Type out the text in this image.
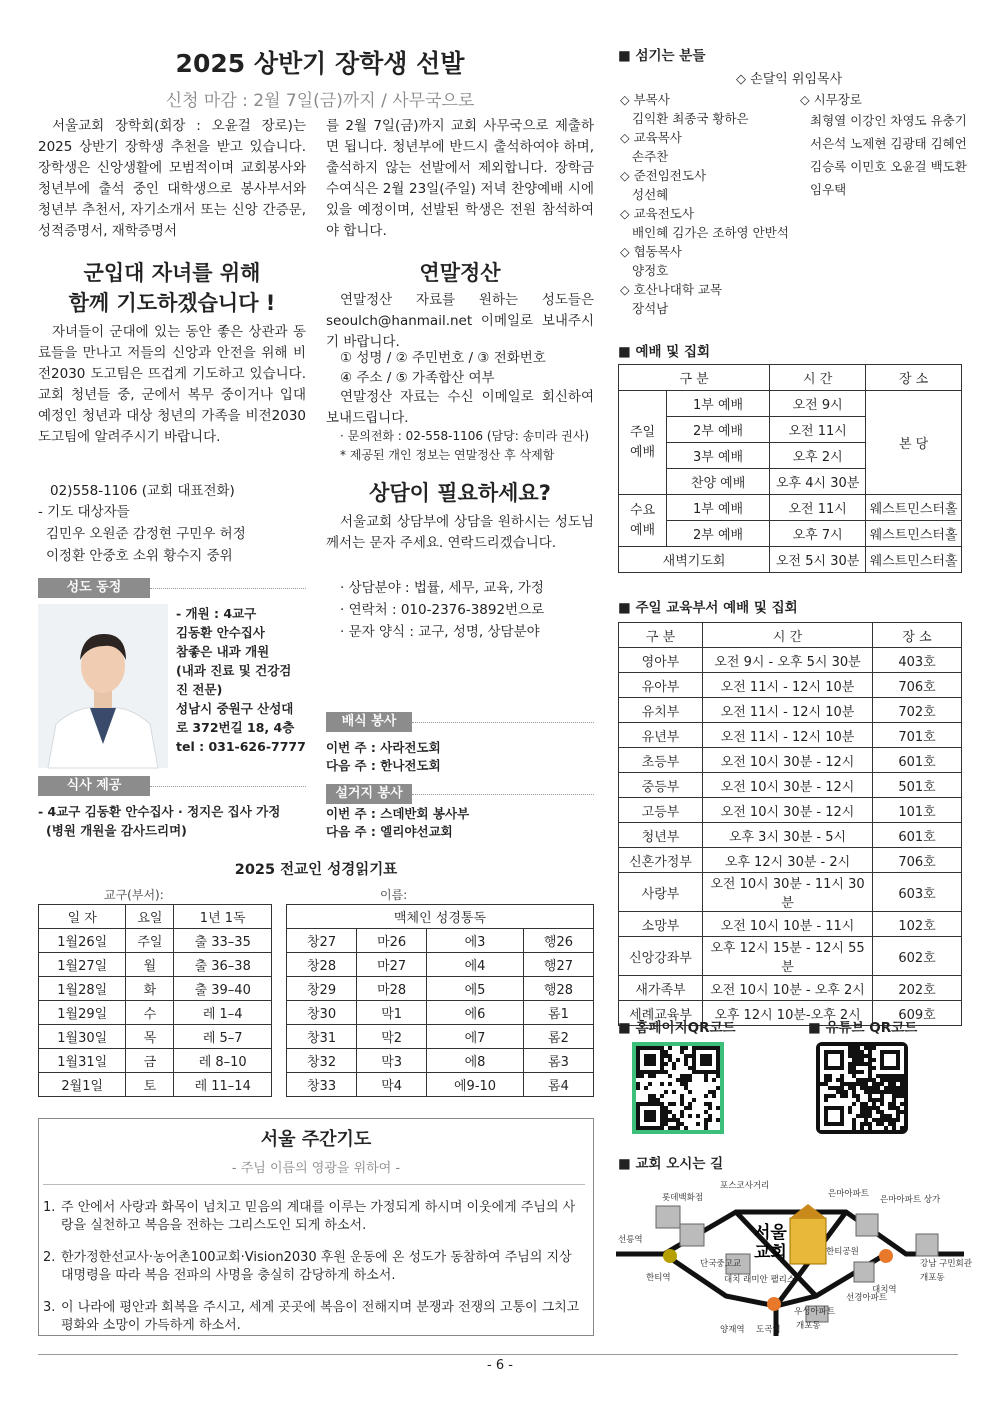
2025 상반기 장학생 선발
신청 마감 : 2월 7일(금)까지 / 사무국으로
서울교회 장학회(회장 : 오윤걸 장로)는 2025 상반기 장학생 추천을 받고 있습니다. 장학생은 신앙생활에 모범적이며 교회봉사와 청년부에 출석 중인 대학생으로 봉사부서와 청년부 추천서, 자기소개서 또는 신앙 간증문, 성적증명서, 재학증명서
를 2월 7일(금)까지 교회 사무국으로 제출하면 됩니다. 청년부에 반드시 출석하여야 하며, 출석하지 않는 선발에서 제외합니다. 장학금 수여식은 2월 23일(주일) 저녁 찬양예배 시에 있을 예정이며, 선발된 학생은 전원 참석하여야 합니다.
군입대 자녀를 위해
함께 기도하겠습니다 !
자녀들이 군대에 있는 동안 좋은 상관과 동료들을 만나고 저들의 신앙과 안전을 위해 비전2030 도고팀은 뜨겁게 기도하고 있습니다. 교회 청년들 중, 군에서 복무 중이거나 입대 예정인 청년과 대상 청년의 가족을 비전2030 도고팀에 알려주시기 바랍니다.
02)558-1106 (교회 대표전화)
- 기도 대상자들
김민우 오원준 감정현 구민우 허정
이정환 안중호 소위 황수지 중위
성도 동정
- 개원 : 4교구
김동환 안수집사
참좋은 내과 개원
(내과 진료 및 건강검
진 전문)
성남시 중원구 산성대
로 372번길 18, 4층
tel : 031-626-7777
식사 제공
- 4교구 김동환 안수집사 · 정지은 집사 가정
(병원 개원을 감사드리며)
연말정산
연말정산 자료를 원하는 성도들은 seoulch@hanmail.net 이메일로 보내주시기 바랍니다.
① 성명 / ② 주민번호 / ③ 전화번호
④ 주소 / ⑤ 가족합산 여부
연말정산 자료는 수신 이메일로 회신하여 보내드립니다.
· 문의전화 : 02-558-1106 (담당: 송미라 권사)
* 제공된 개인 정보는 연말정산 후 삭제함
상담이 필요하세요?
서울교회 상담부에 상담을 원하시는 성도님께서는 문자 주세요. 연락드리겠습니다.
· 상담분야 : 법률, 세무, 교육, 가정
· 연락처 : 010-2376-3892번으로
· 문자 양식 : 교구, 성명, 상담분야
배식 봉사
이번 주 : 사라전도회
다음 주 : 한나전도회
설거지 봉사
이번 주 : 스데반회 봉사부
다음 주 : 엘리야선교회
2025 전교인 성경읽기표
교구(부서):	이름:
일 자	요일	1년 1독
1월26일	주일	출 33–35
1월27일	월	출 36–38
1월28일	화	출 39–40
1월29일	수	레 1–4
1월30일	목	레 5–7
1월31일	금	레 8–10
2월1일	토	레 11–14
맥체인 성경통독			
창27	마26	에3	행26
창28	마27	에4	행27
창29	마28	에5	행28
창30	막1	에6	롬1
창31	막2	에7	롬2
창32	막3	에8	롬3
창33	막4	에9-10	롬4
서울 주간기도
- 주님 이름의 영광을 위하여 -
1. 주 안에서 사랑과 화목이 넘치고 믿음의 계대를 이루는 가정되게 하시며 이웃에게 주님의 사랑을 실천하고 복음을 전하는 그리스도인 되게 하소서.
2. 한가정한선교사·농어촌100교회·Vision2030 후원 운동에 온 성도가 동참하여 주님의 지상 대명령을 따라 복음 전파의 사명을 충실히 감당하게 하소서.
3. 이 나라에 평안과 회복을 주시고, 세계 곳곳에 복음이 전해지며 분쟁과 전쟁의 고통이 그치고 평화와 소망이 가득하게 하소서.
■ 섬기는 분들
◇ 손달익 위임목사
◇ 부목사
김익환 최종국 황하은
◇ 교육목사
손주찬
◇ 준전임전도사
성선혜
◇ 교육전도사
배인혜 김가은 조하영 안반석
◇ 협동목사
양정호
◇ 호산나대학 교목
장석남
◇ 시무장로
최형열 이강인 차영도 유충기
서은석 노제현 김광태 김혜언
김승록 이민호 오윤걸 백도환
임우택
■ 예배 및 집회
구 분		시 간	장 소
주일
예배	1부 예배	오전 9시	본 당
	2부 예배	오전 11시	
	3부 예배	오후 2시	
	찬양 예배	오후 4시 30분	
수요
예배	1부 예배	오전 11시	웨스트민스터홀
	2부 예배	오후 7시	웨스트민스터홀
새벽기도회		오전 5시 30분	웨스트민스터홀
■ 주일 교육부서 예배 및 집회
구 분	시 간	장 소
영아부	오전 9시 - 오후 5시 30분	403호
유아부	오전 11시 - 12시 10분	706호
유치부	오전 11시 - 12시 10분	702호
유년부	오전 11시 - 12시 10분	701호
초등부	오전 10시 30분 - 12시	601호
중등부	오전 10시 30분 - 12시	501호
고등부	오전 10시 30분 - 12시	101호
청년부	오후 3시 30분 - 5시	601호
신혼가정부	오후 12시 30분 - 2시	706호
사랑부	오전 10시 30분 - 11시 30분	603호
소망부	오전 10시 10분 - 11시	102호
신앙강좌부	오후 12시 15분 - 12시 55분	602호
새가족부	오전 10시 10분 - 오후 2시	202호
세례교육부	오후 12시 10분-오후 2시	609호
■ 홈페이지QR코드	■ 유튜브 QR코드
■ 교회 오시는 길
서울 교회
포스코사거리
롯데백화점	은마아파트
은마아파트 상가
선릉역
한티역
단국중고교
한티공원
대치 래미안 팰리스
대치역
강남 구민회관
개포동
선경아파트
양재역 도곡역
우성아파트
개포동
- 6 -
